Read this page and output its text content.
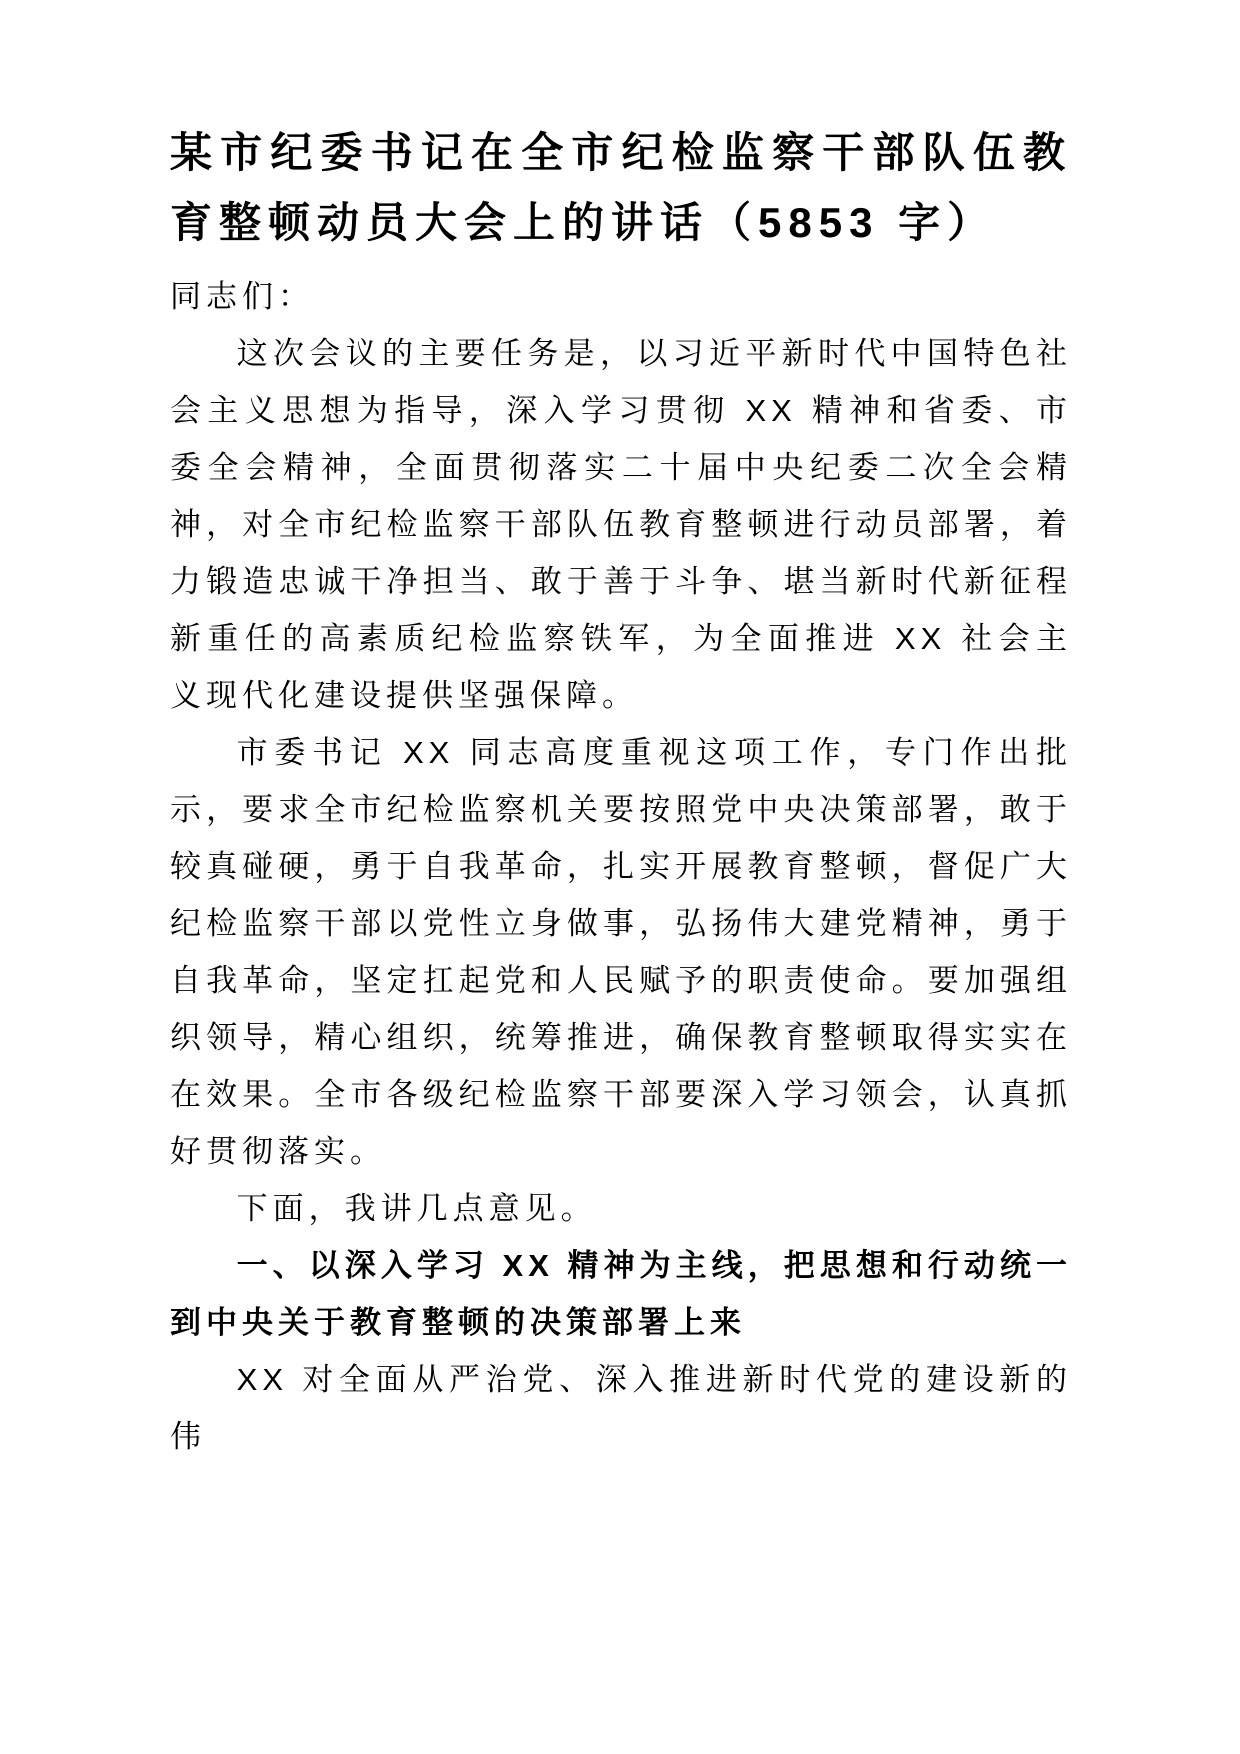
某市纪委书记在全市纪检监察干部队伍教育整顿动员大会上的讲话（5853 字）

同志们：

这次会议的主要任务是，以习近平新时代中国特色社会主义思想为指导，深入学习贯彻 XX 精神和省委、市委全会精神，全面贯彻落实二十届中央纪委二次全会精神，对全市纪检监察干部队伍教育整顿进行动员部署，着力锻造忠诚干净担当、敢于善于斗争、堪当新时代新征程新重任的高素质纪检监察铁军，为全面推进 XX 社会主义现代化建设提供坚强保障。

市委书记 XX 同志高度重视这项工作，专门作出批示，要求全市纪检监察机关要按照党中央决策部署，敢于较真碰硬，勇于自我革命，扎实开展教育整顿，督促广大纪检监察干部以党性立身做事，弘扬伟大建党精神，勇于自我革命，坚定扛起党和人民赋予的职责使命。要加强组织领导，精心组织，统筹推进，确保教育整顿取得实实在在效果。全市各级纪检监察干部要深入学习领会，认真抓好贯彻落实。

下面，我讲几点意见。

一、以深入学习 XX 精神为主线，把思想和行动统一到中央关于教育整顿的决策部署上来

XX 对全面从严治党、深入推进新时代党的建设新的伟
